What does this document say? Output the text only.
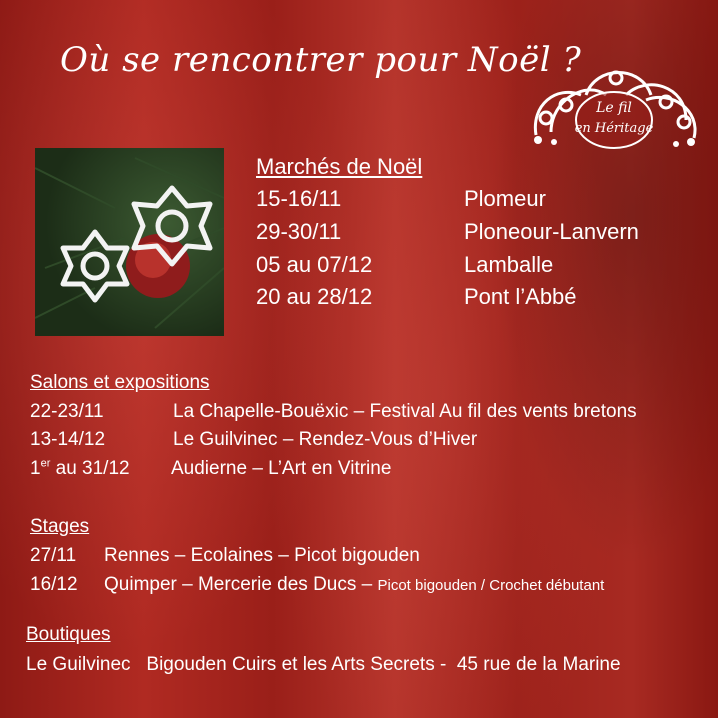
Où se rencontrer pour Noël ?
Le fil
en Héritage
Marchés de Noël
15-16/11	Plomeur
29-30/11	Ploneour-Lanvern
05 au 07/12	Lamballe
20 au 28/12	Pont l’Abbé
Salons et expositions
22-23/11	La Chapelle-Bouëxic – Festival Au fil des vents bretons
13-14/12	Le Guilvinec – Rendez-Vous d’Hiver
1er au 31/12 Audierne – L’Art en Vitrine
Stages
27/11 Rennes – Ecolaines – Picot bigouden
16/12 Quimper – Mercerie des Ducs – Picot bigouden / Crochet débutant
Boutiques
Le Guilvinec   Bigouden Cuirs et les Arts Secrets -  45 rue de la Marine
